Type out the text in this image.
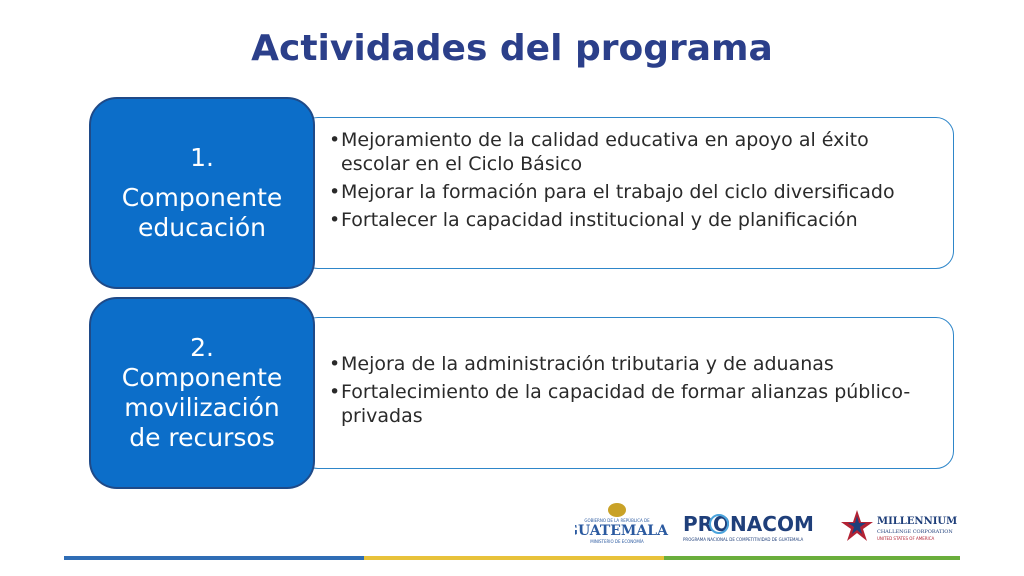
Actividades del programa
• Mejoramiento de la calidad educativa en apoyo al éxito escolar en el Ciclo Básico
• Mejorar la formación para el trabajo del ciclo diversificado
• Fortalecer la capacidad institucional y de planificación
1.
Componente educación
• Mejora de la administración tributaria y de aduanas
• Fortalecimiento de la capacidad de formar alianzas público-privadas
2.
Componente movilización de recursos
GOBIERNO DE LA REPÚBLICA DE
GUATEMALA
MINISTERIO DE ECONOMÍA
PRONACOM
PROGRAMA NACIONAL DE COMPETITIVIDAD DE GUATEMALA
MILLENNIUM
CHALLENGE CORPORATION
UNITED STATES OF AMERICA
